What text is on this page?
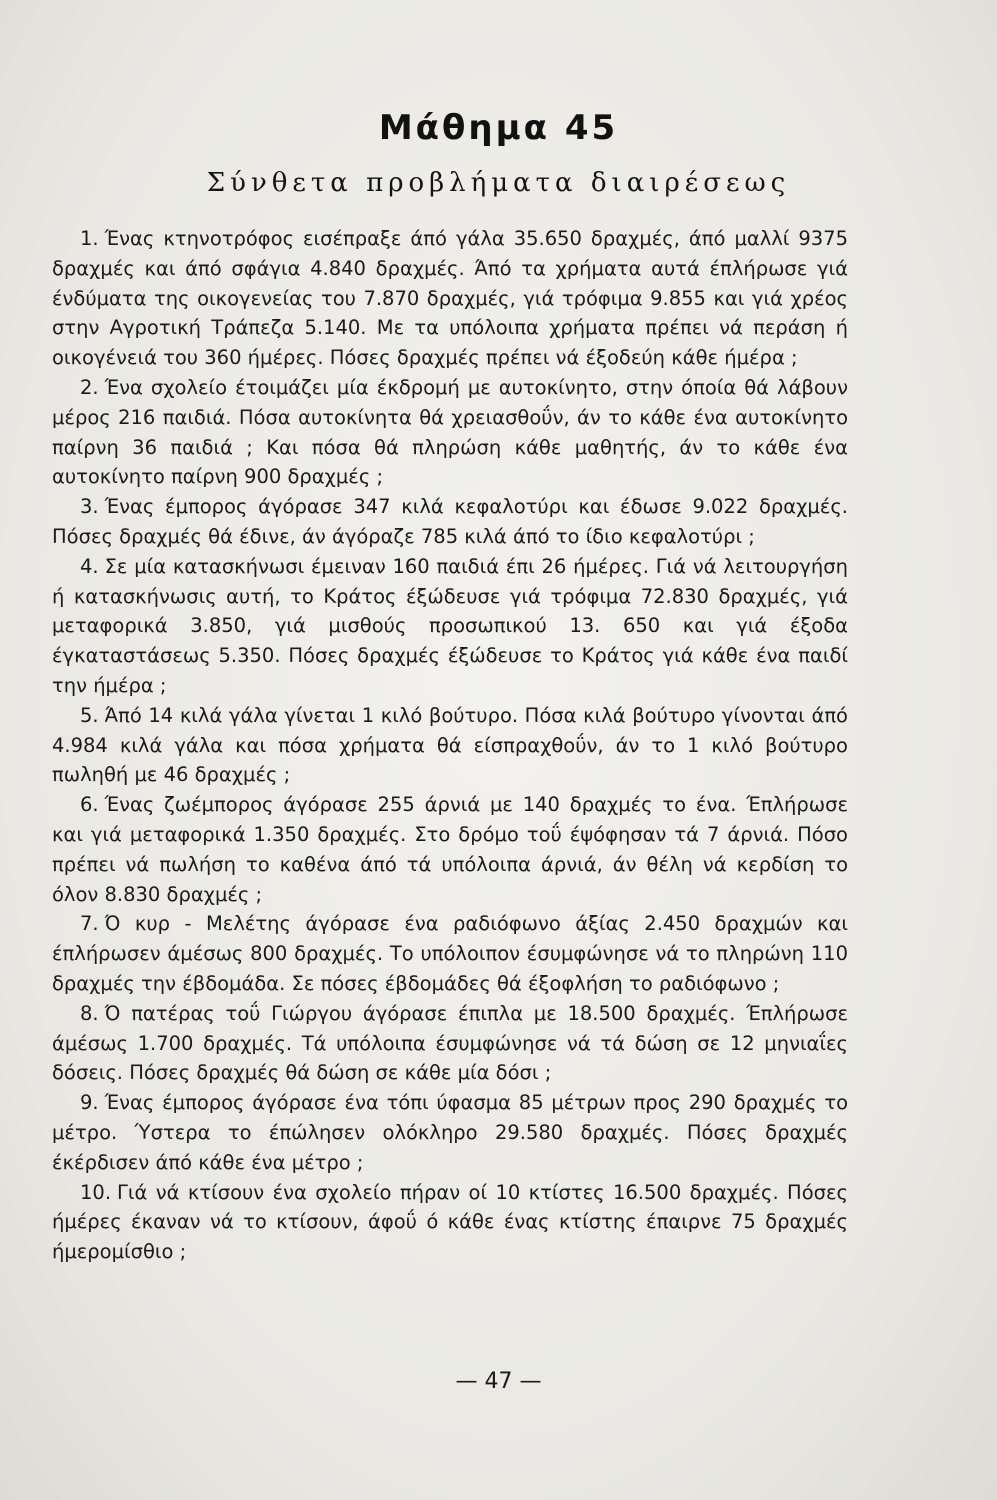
Μάθημα 45
Σύνθετα προβλήματα διαιρέσεως

1. Ένας κτηνοτρόφος εισέπραξε άπό γάλα 35.650 δραχμές, άπό μαλλί 9375 δραχμές και άπό σφάγια 4.840 δραχμές. Άπό τα χρήματα αυτά έπλήρωσε γιά ένδύματα της οικογενείας του 7.870 δραχμές, γιά τρόφιμα 9.855 και γιά χρέος στην Αγροτική Τράπεζα 5.140. Με τα υπόλοιπα χρήματα πρέπει νά περάση ή οικογένειά του 360 ήμέρες. Πόσες δραχμές πρέπει νά έξοδεύη κάθε ήμέρα ;

2. Ένα σχολείο έτοιμάζει μία έκδρομή με αυτοκίνητο, στην όποία θά λάβουν μέρος 216 παιδιά. Πόσα αυτοκίνητα θά χρειασθοΰν, άν το κάθε ένα αυτοκίνητο παίρνη 36 παιδιά ; Και πόσα θά πληρώση κάθε μαθητής, άν το κάθε ένα αυτοκίνητο παίρνη 900 δραχμές ;

3. Ένας έμπορος άγόρασε 347 κιλά κεφαλοτύρι και έδωσε 9.022 δραχμές. Πόσες δραχμές θά έδινε, άν άγόραζε 785 κιλά άπό το ίδιο κεφαλοτύρι ;

4. Σε μία κατασκήνωσι έμειναν 160 παιδιά έπι 26 ήμέρες. Γιά νά λειτουργήση ή κατασκήνωσις αυτή, το Κράτος έξώδευσε γιά τρόφιμα 72.830 δραχμές, γιά μεταφορικά 3.850, γιά μισθούς προσωπικού 13. 650 και γιά έξοδα έγκαταστάσεως 5.350. Πόσες δραχμές έξώδευσε το Κράτος γιά κάθε ένα παιδί την ήμέρα ;

5. Άπό 14 κιλά γάλα γίνεται 1 κιλό βούτυρο. Πόσα κιλά βούτυρο γίνονται άπό 4.984 κιλά γάλα και πόσα χρήματα θά είσπραχθοΰν, άν το 1 κιλό βούτυρο πωληθή με 46 δραχμές ;

6. Ένας ζωέμπορος άγόρασε 255 άρνιά με 140 δραχμές το ένα. Έπλήρωσε και γιά μεταφορικά 1.350 δραχμές. Στο δρόμο τοΰ έψόφησαν τά 7 άρνιά. Πόσο πρέπει νά πωλήση το καθένα άπό τά υπόλοιπα άρνιά, άν θέλη νά κερδίση το όλον 8.830 δραχμές ;

7. Ό κυρ - Μελέτης άγόρασε ένα ραδιόφωνο άξίας 2.450 δραχμών και έπλήρωσεν άμέσως 800 δραχμές. Το υπόλοιπον έσυμφώνησε νά το πληρώνη 110 δραχμές την έβδομάδα. Σε πόσες έβδομάδες θά έξοφλήση το ραδιόφωνο ;

8. Ό πατέρας τοΰ Γιώργου άγόρασε έπιπλα με 18.500 δραχμές. Έπλήρωσε άμέσως 1.700 δραχμές. Τά υπόλοιπα έσυμφώνησε νά τά δώση σε 12 μηνιαΐες δόσεις. Πόσες δραχμές θά δώση σε κάθε μία δόσι ;

9. Ένας έμπορος άγόρασε ένα τόπι ύφασμα 85 μέτρων προς 290 δραχμές το μέτρο. Ύστερα το έπώλησεν ολόκληρο 29.580 δραχμές. Πόσες δραχμές έκέρδισεν άπό κάθε ένα μέτρο ;

10. Γιά νά κτίσουν ένα σχολείο πήραν οί 10 κτίστες 16.500 δραχμές. Πόσες ήμέρες έκαναν νά το κτίσουν, άφοΰ ό κάθε ένας κτίστης έπαιρνε 75 δραχμές ήμερομίσθιο ;

— 47 —
